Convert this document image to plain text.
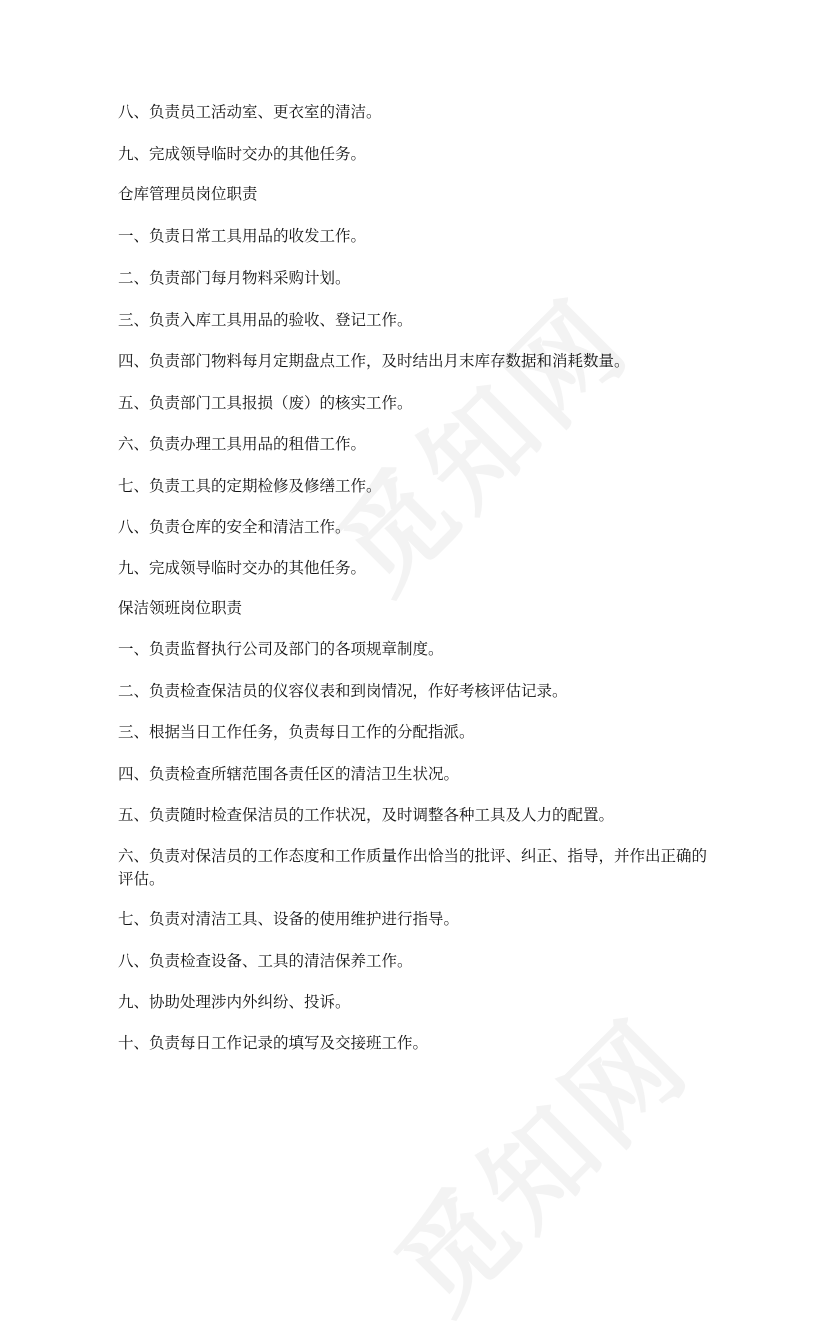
八、负责员工活动室、更衣室的清洁。
九、完成领导临时交办的其他任务。
仓库管理员岗位职责
一、负责日常工具用品的收发工作。
二、负责部门每月物料采购计划。
三、负责入库工具用品的验收、登记工作。
四、负责部门物料每月定期盘点工作，及时结出月末库存数据和消耗数量。
五、负责部门工具报损（废）的核实工作。
六、负责办理工具用品的租借工作。
七、负责工具的定期检修及修缮工作。
八、负责仓库的安全和清洁工作。
九、完成领导临时交办的其他任务。
保洁领班岗位职责
一、负责监督执行公司及部门的各项规章制度。
二、负责检查保洁员的仪容仪表和到岗情况，作好考核评估记录。
三、根据当日工作任务，负责每日工作的分配指派。
四、负责检查所辖范围各责任区的清洁卫生状况。
五、负责随时检查保洁员的工作状况，及时调整各种工具及人力的配置。
六、负责对保洁员的工作态度和工作质量作出恰当的批评、纠正、指导，并作出正确的评估。
七、负责对清洁工具、设备的使用维护进行指导。
八、负责检查设备、工具的清洁保养工作。
九、协助处理涉内外纠纷、投诉。
十、负责每日工作记录的填写及交接班工作。
